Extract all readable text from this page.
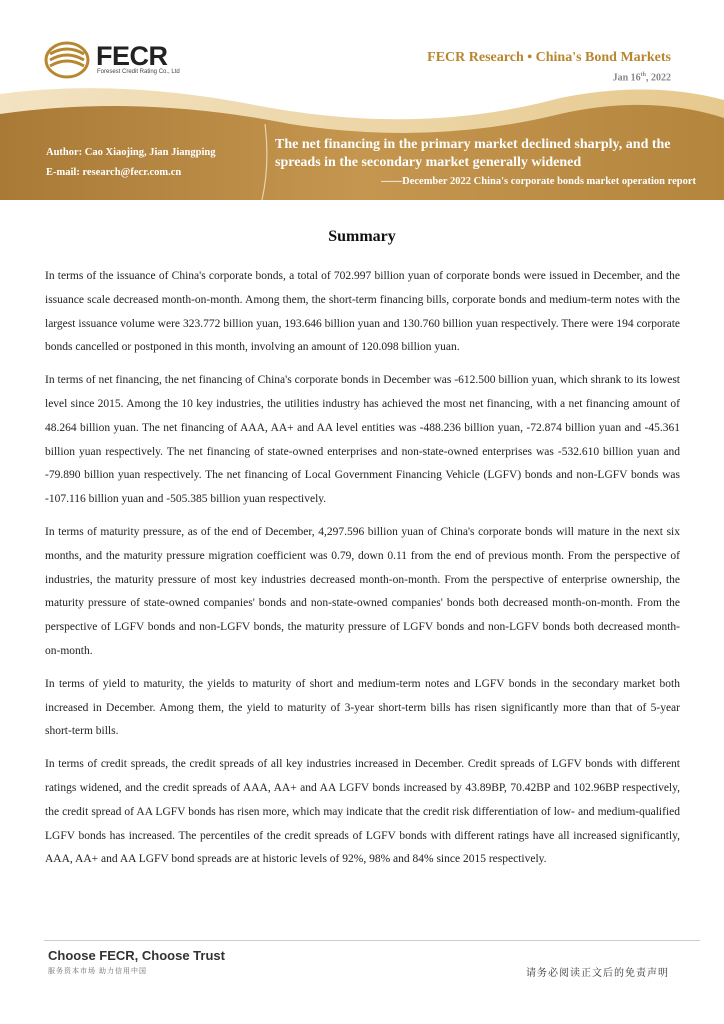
FECR
Foresest Credit Rating Co., Ltd
FECR Research • China's Bond Markets
Jan 16th, 2022
Author: Cao Xiaojing, Jian Jiangping
E-mail: research@fecr.com.cn
The net financing in the primary market declined sharply, and the spreads in the secondary market generally widened
——December 2022 China's corporate bonds market operation report
Summary

In terms of the issuance of China's corporate bonds, a total of 702.997 billion yuan of corporate bonds were issued in December, and the issuance scale decreased month-on-month. Among them, the short-term financing bills, corporate bonds and medium-term notes with the largest issuance volume were 323.772 billion yuan, 193.646 billion yuan and 130.760 billion yuan respectively. There were 194 corporate bonds cancelled or postponed in this month, involving an amount of 120.098 billion yuan.

In terms of net financing, the net financing of China's corporate bonds in December was -612.500 billion yuan, which shrank to its lowest level since 2015. Among the 10 key industries, the utilities industry has achieved the most net financing, with a net financing amount of 48.264 billion yuan. The net financing of AAA, AA+ and AA level entities was -488.236 billion yuan, -72.874 billion yuan and -45.361 billion yuan respectively. The net financing of state-owned enterprises and non-state-owned enterprises was -532.610 billion yuan and -79.890 billion yuan respectively. The net financing of Local Government Financing Vehicle (LGFV) bonds and non-LGFV bonds was -107.116 billion yuan and -505.385 billion yuan respectively.

In terms of maturity pressure, as of the end of December, 4,297.596 billion yuan of China's corporate bonds will mature in the next six months, and the maturity pressure migration coefficient was 0.79, down 0.11 from the end of previous month. From the perspective of industries, the maturity pressure of most key industries decreased month-on-month. From the perspective of enterprise ownership, the maturity pressure of state-owned companies' bonds and non-state-owned companies' bonds both decreased month-on-month. From the perspective of LGFV bonds and non-LGFV bonds, the maturity pressure of LGFV bonds and non-LGFV bonds both decreased month-on-month.

In terms of yield to maturity, the yields to maturity of short and medium-term notes and LGFV bonds in the secondary market both increased in December. Among them, the yield to maturity of 3-year short-term bills has risen significantly more than that of 5-year short-term bills.

In terms of credit spreads, the credit spreads of all key industries increased in December. Credit spreads of LGFV bonds with different ratings widened, and the credit spreads of AAA, AA+ and AA LGFV bonds increased by 43.89BP, 70.42BP and 102.96BP respectively, the credit spread of AA LGFV bonds has risen more, which may indicate that the credit risk differentiation of low- and medium-qualified LGFV bonds has increased. The percentiles of the credit spreads of LGFV bonds with different ratings have all increased significantly, AAA, AA+ and AA LGFV bond spreads are at historic levels of 92%, 98% and 84% since 2015 respectively.

Choose FECR, Choose Trust
服务资本市场 助力信用中国	请务必阅读正文后的免责声明
